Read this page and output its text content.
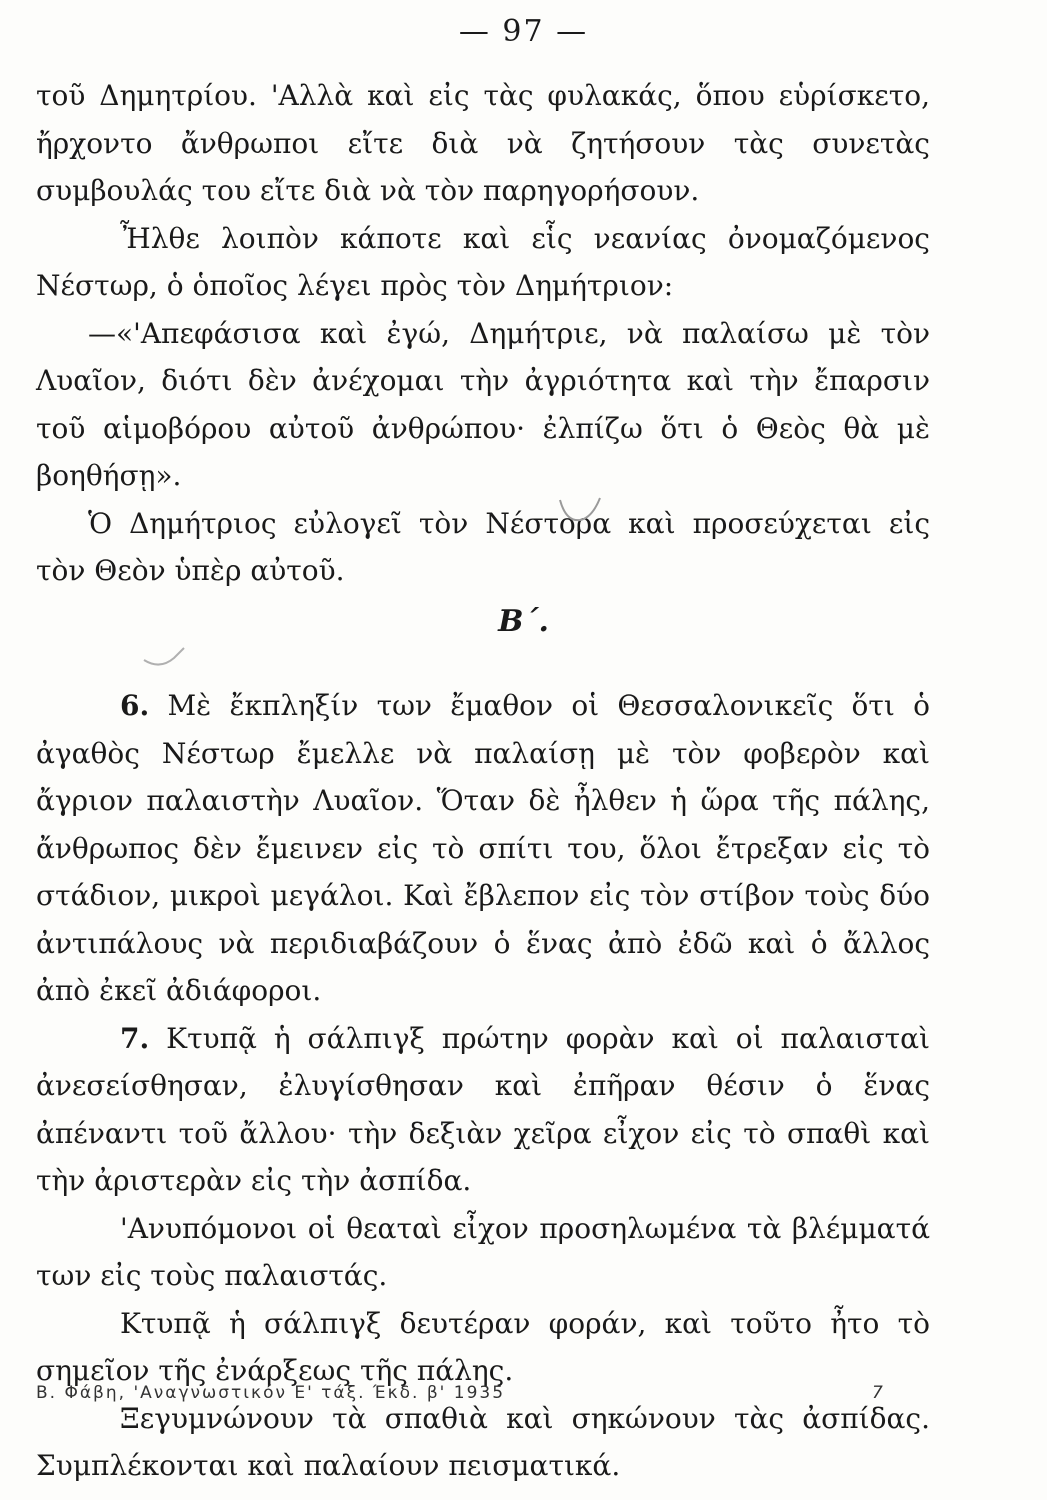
— 97 —

τοῦ Δημητρίου. 'Αλλὰ καὶ εἰς τὰς φυλακάς, ὅπου εὑρίσκετο, ἤρχοντο ἄνθρωποι εἴτε διὰ νὰ ζητήσουν τὰς συνετὰς συμβουλάς του εἴτε διὰ νὰ τὸν παρηγορήσουν.

Ἦλθε λοιπὸν κάποτε καὶ εἷς νεανίας ὀνομαζόμενος Νέστωρ, ὁ ὁποῖος λέγει πρὸς τὸν Δημήτριον:

—«'Απεφάσισα καὶ ἐγώ, Δημήτριε, νὰ παλαίσω μὲ τὸν Λυαῖον, διότι δὲν ἀνέχομαι τὴν ἀγριότητα καὶ τὴν ἔπαρσιν τοῦ αἱμοβόρου αὐτοῦ ἀνθρώπου· ἐλπίζω ὅτι ὁ Θεὸς θὰ μὲ βοηθήσῃ».

Ὁ Δημήτριος εὐλογεῖ τὸν Νέστορα καὶ προσεύχεται εἰς τὸν Θεὸν ὑπὲρ αὐτοῦ.

Β΄.

6. Μὲ ἔκπληξίν των ἔμαθον οἱ Θεσσαλονικεῖς ὅτι ὁ ἀγαθὸς Νέστωρ ἔμελλε νὰ παλαίσῃ μὲ τὸν φοβερὸν καὶ ἄγριον παλαιστὴν Λυαῖον. Ὅταν δὲ ἦλθεν ἡ ὥρα τῆς πάλης, ἄνθρωπος δὲν ἔμεινεν εἰς τὸ σπίτι του, ὅλοι ἔτρεξαν εἰς τὸ στάδιον, μικροὶ μεγάλοι. Καὶ ἔβλεπον εἰς τὸν στίβον τοὺς δύο ἀντιπάλους νὰ περιδιαβάζουν ὁ ἕνας ἀπὸ ἐδῶ καὶ ὁ ἄλλος ἀπὸ ἐκεῖ ἀδιάφοροι.

7. Κτυπᾷ ἡ σάλπιγξ πρώτην φορὰν καὶ οἱ παλαισταὶ ἀνεσείσθησαν, ἐλυγίσθησαν καὶ ἐπῆραν θέσιν ὁ ἕνας ἀπέναντι τοῦ ἄλλου· τὴν δεξιὰν χεῖρα εἶχον εἰς τὸ σπαθὶ καὶ τὴν ἀριστερὰν εἰς τὴν ἀσπίδα.

'Ανυπόμονοι οἱ θεαταὶ εἶχον προσηλωμένα τὰ βλέμματά των εἰς τοὺς παλαιστάς.

Κτυπᾷ ἡ σάλπιγξ δευτέραν φοράν, καὶ τοῦτο ἦτο τὸ σημεῖον τῆς ἐνάρξεως τῆς πάλης.

Ξεγυμνώνουν τὰ σπαθιὰ καὶ σηκώνουν τὰς ἀσπίδας. Συμπλέκονται καὶ παλαίουν πεισματικά.

Β. Φάβη, 'Αναγνωστικόν Ε' τάξ. Έκδ. β' 1935	7
